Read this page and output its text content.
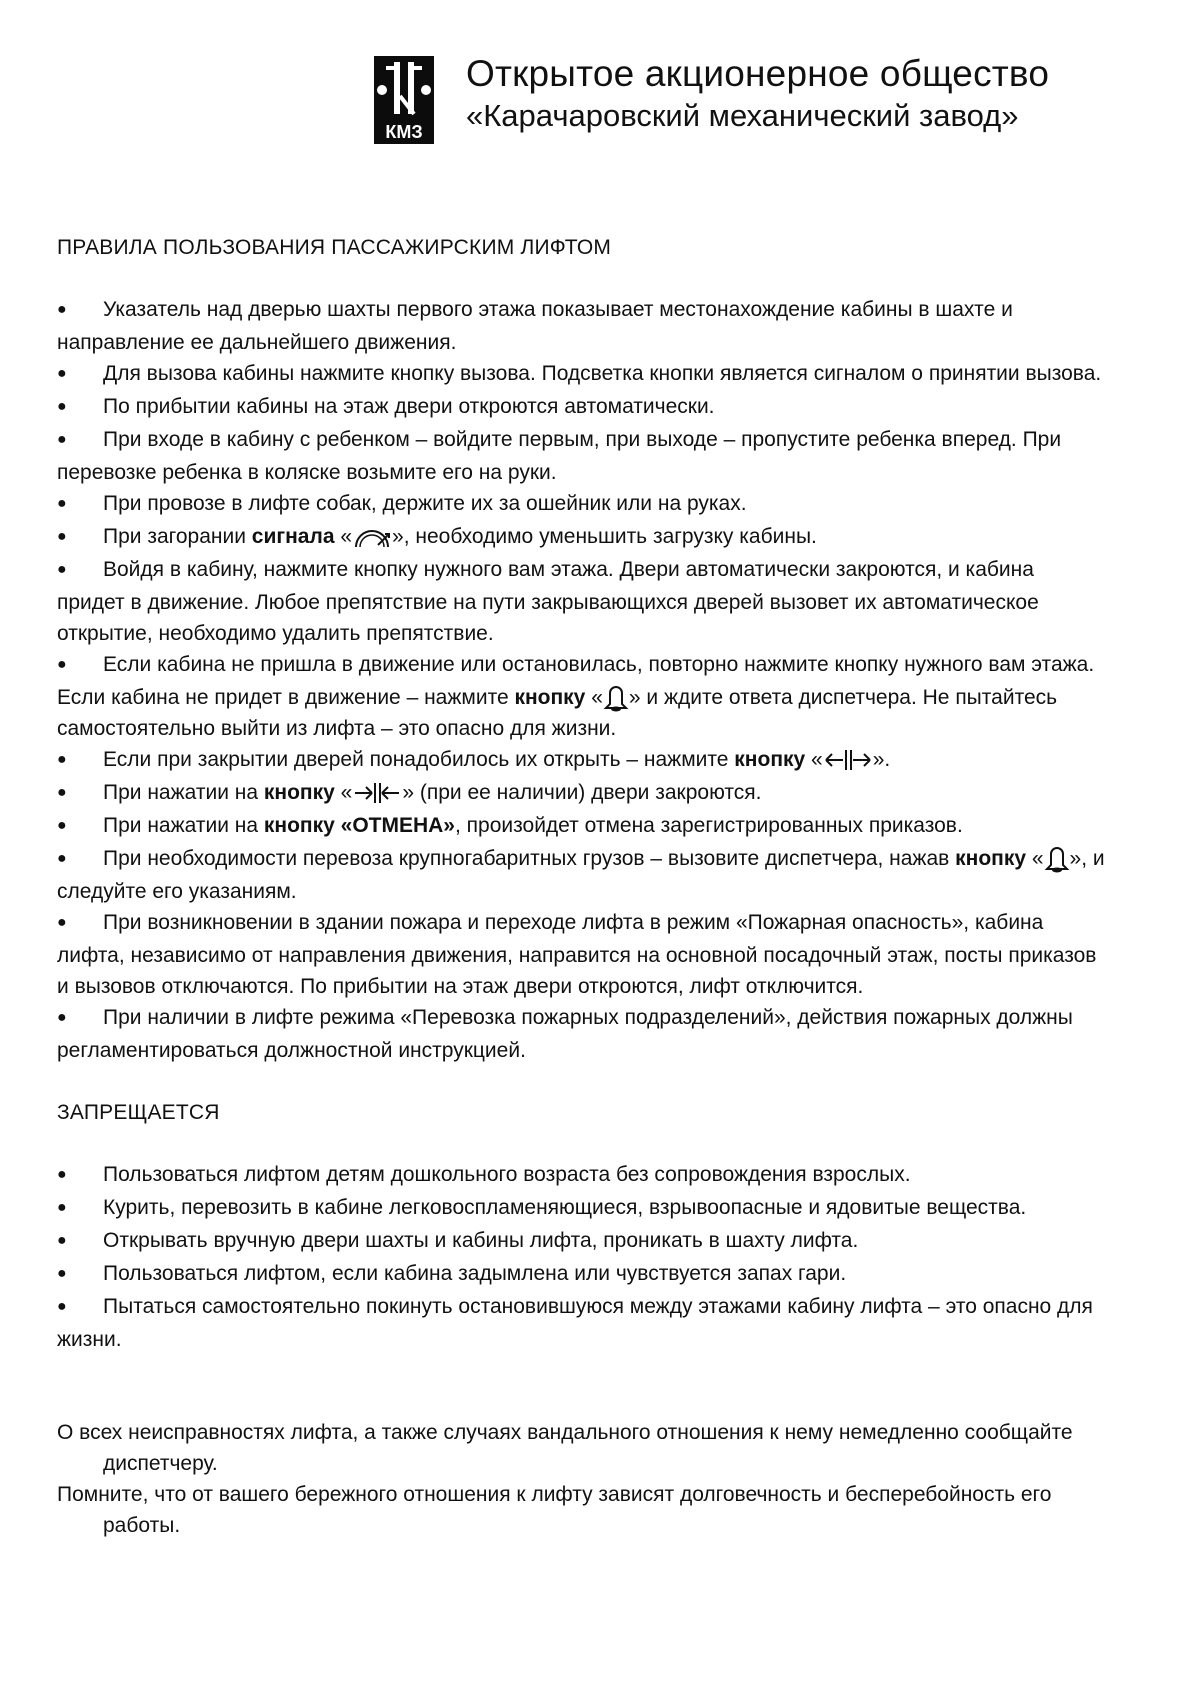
КМЗ
Открытое акционерное общество
«Карачаровский механический завод»

ПРАВИЛА ПОЛЬЗОВАНИЯ ПАССАЖИРСКИМ ЛИФТОМ

●Указатель над дверью шахты первого этажа показывает местонахождение кабины в шахте и направление ее дальнейшего движения.

●Для вызова кабины нажмите кнопку вызова. Подсветка кнопки является сигналом о принятии вызова.

●По прибытии кабины на этаж двери откроются автоматически.

●При входе в кабину с ребенком – войдите первым, при выходе – пропустите ребенка вперед. При перевозке ребенка в коляске возьмите его на руки.

●При провозе в лифте собак, держите их за ошейник или на руках.

●При загорании сигнала « », необходимо уменьшить загрузку кабины.

●Войдя в кабину, нажмите кнопку нужного вам этажа. Двери автоматически закроются, и кабина придет в движение. Любое препятствие на пути закрывающихся дверей вызовет их автоматическое открытие, необходимо удалить препятствие.

●Если кабина не пришла в движение или остановилась, повторно нажмите кнопку нужного вам этажа. Если кабина не придет в движение – нажмите кнопку « » и ждите ответа диспетчера. Не пытайтесь самостоятельно выйти из лифта – это опасно для жизни.

●Если при закрытии дверей понадобилось их открыть – нажмите кнопку « ».

●При нажатии на кнопку « » (при ее наличии) двери закроются.

●При нажатии на кнопку «ОТМЕНА», произойдет отмена зарегистрированных приказов.

●При необходимости перевоза крупногабаритных грузов – вызовите диспетчера, нажав кнопку « », и следуйте его указаниям.

●При возникновении в здании пожара и переходе лифта в режим «Пожарная опасность», кабина лифта, независимо от направления движения, направится на основной посадочный этаж, посты приказов и вызовов отключаются. По прибытии на этаж двери откроются, лифт отключится.

●При наличии в лифте режима «Перевозка пожарных подразделений», действия пожарных должны регламентироваться должностной инструкцией.

ЗАПРЕЩАЕТСЯ

●Пользоваться лифтом детям дошкольного возраста без сопровождения взрослых.

●Курить, перевозить в кабине легковоспламеняющиеся, взрывоопасные и ядовитые вещества.

●Открывать вручную двери шахты и кабины лифта, проникать в шахту лифта.

●Пользоваться лифтом, если кабина задымлена или чувствуется запах гари.

●Пытаться самостоятельно покинуть остановившуюся между этажами кабину лифта – это опасно для жизни.

О всех неисправностях лифта, а также случаях вандального отношения к нему немедленно сообщайте диспетчеру.

Помните, что от вашего бережного отношения к лифту зависят долговечность и бесперебойность его работы.
